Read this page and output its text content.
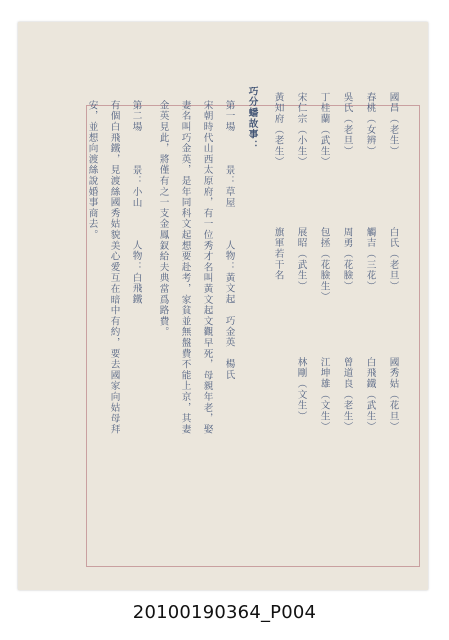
國昌（老生）
春桃（女辨）
吳氏（老旦）
丁桂蘭（武生）
宋仁宗（小生）
黃知府（老生）
白氏（老旦）
觸吉（三花）
周勇（花臉）
包拯（花臉生）
展昭（武生）
旗軍若干名
國秀姑（花旦）
白飛鐵（武生）
曾道良（老生）
江坤雄（文生）
林剛（文生）
巧分蟠故事：
第一場
景：草屋
人物：黃文起　巧金英　楊氏
宋朝時代山西太原府，有一位秀才名叫黃文起文觀早死，母親年老，娶
妻名叫巧金英，是年同科文起想要赴考，家貧並無盤費不能上京，其妻
金英見此，將僅有之一支金鳳釵給夫典當爲路費。
第二場
景：小山
人物：白飛鐵
有個白飛鐵，見渡絲國秀姑貌美心愛互在暗中有約，要去國家向姑母拜
安，並想向渡絲說婚事商去。
20100190364_P004
